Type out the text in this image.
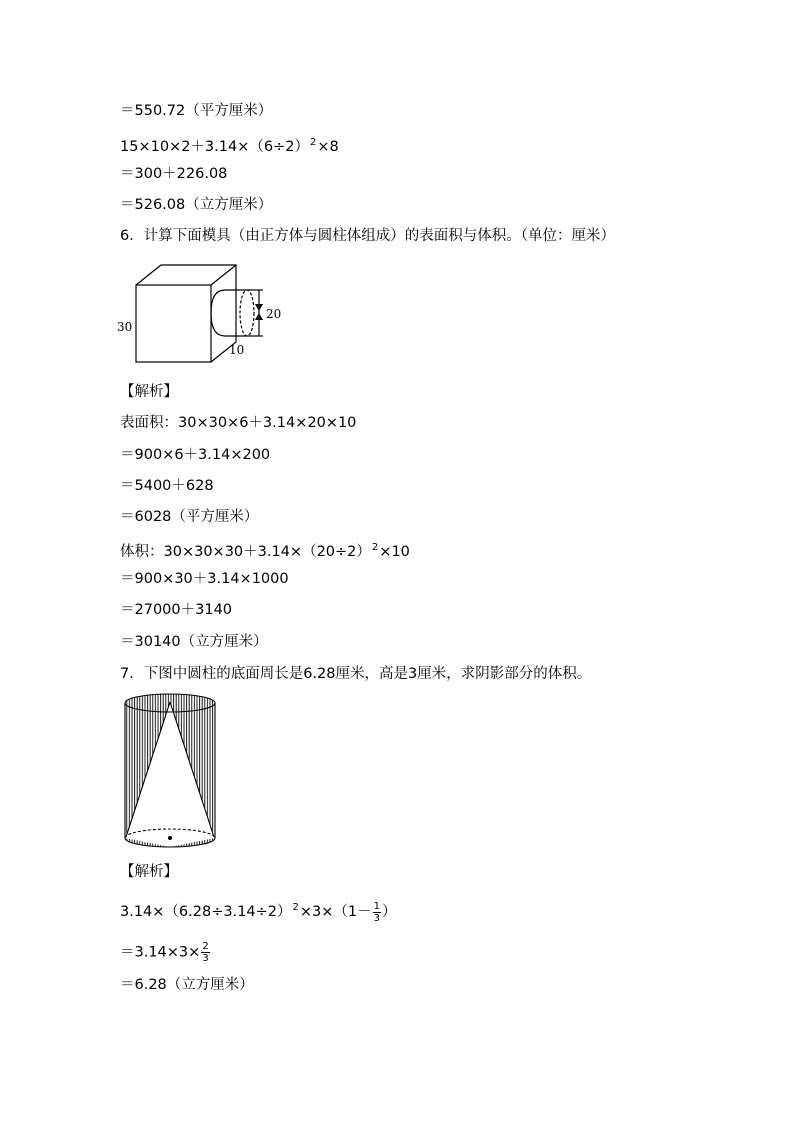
＝550.72（平方厘米）
$15\times 10\times 2+3.14\times(6\div 2)^2\times 8$
＝300＋226.08
＝526.08（立方厘米）
6．计算下面模具（由正方体与圆柱体组成）的表面积与体积。（单位：厘米）
30
20
10
【解析】
表面积：30×30×6＋3.14×20×10
＝900×6＋3.14×200
＝5400＋628
＝6028（平方厘米）
体积：$30\times 30\times 30+3.14\times(20\div 2)^2\times 10$
＝900×30＋3.14×1000
＝27000＋3140
＝30140（立方厘米）
7．下图中圆柱的底面周长是6.28厘米，高是3厘米，求阴影部分的体积。
【解析】
$3.14\times(6.28\div 3.14\div 2)^2\times 3\times(1- \frac{1}{3}$ ）
$=3.14\times 3\times \frac{2}{3}$
＝6.28（立方厘米）
